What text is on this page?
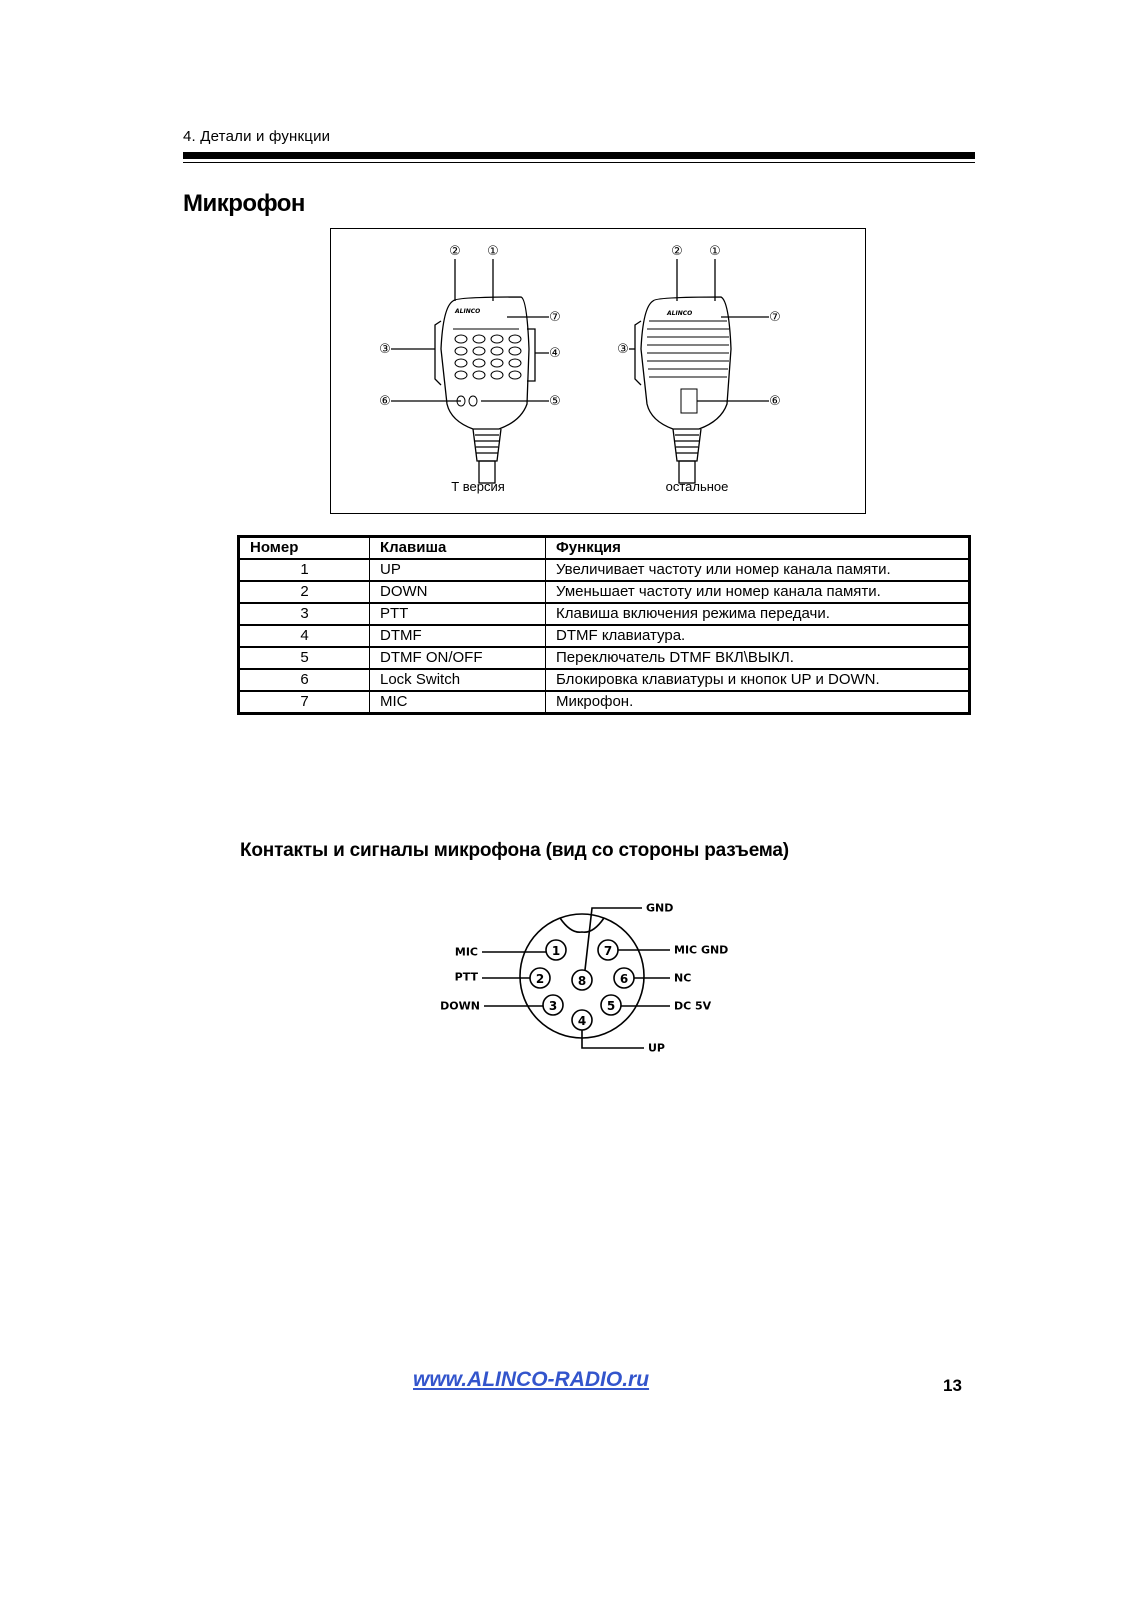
4. Детали и функции
Микрофон
② ①
⑦
③	④
⑥	⑤
② ①
⑦
③
⑥
ALINCO	ALINCO
Т версия	остальное
Номер	Клавиша	Функция
1	UP	Увеличивает частоту или номер канала памяти.
2	DOWN	Уменьшает частоту или номер канала памяти.
3	PTT	Клавиша включения режима передачи.
4	DTMF	DTMF клавиатура.
5	DTMF ON/OFF	Переключатель DTMF ВКЛ\ВЫКЛ.
6	Lock Switch	Блокировка клавиатуры и кнопок UP и DOWN.
7	MIC	Микрофон.
Контакты и сигналы микрофона (вид со стороны разъема)
1
2
3
4
5
6
7
8
MIC
PTT
DOWN
GND
MIC GND
NC
DC 5V
UP
www.ALINCO-RADIO.ru	13
